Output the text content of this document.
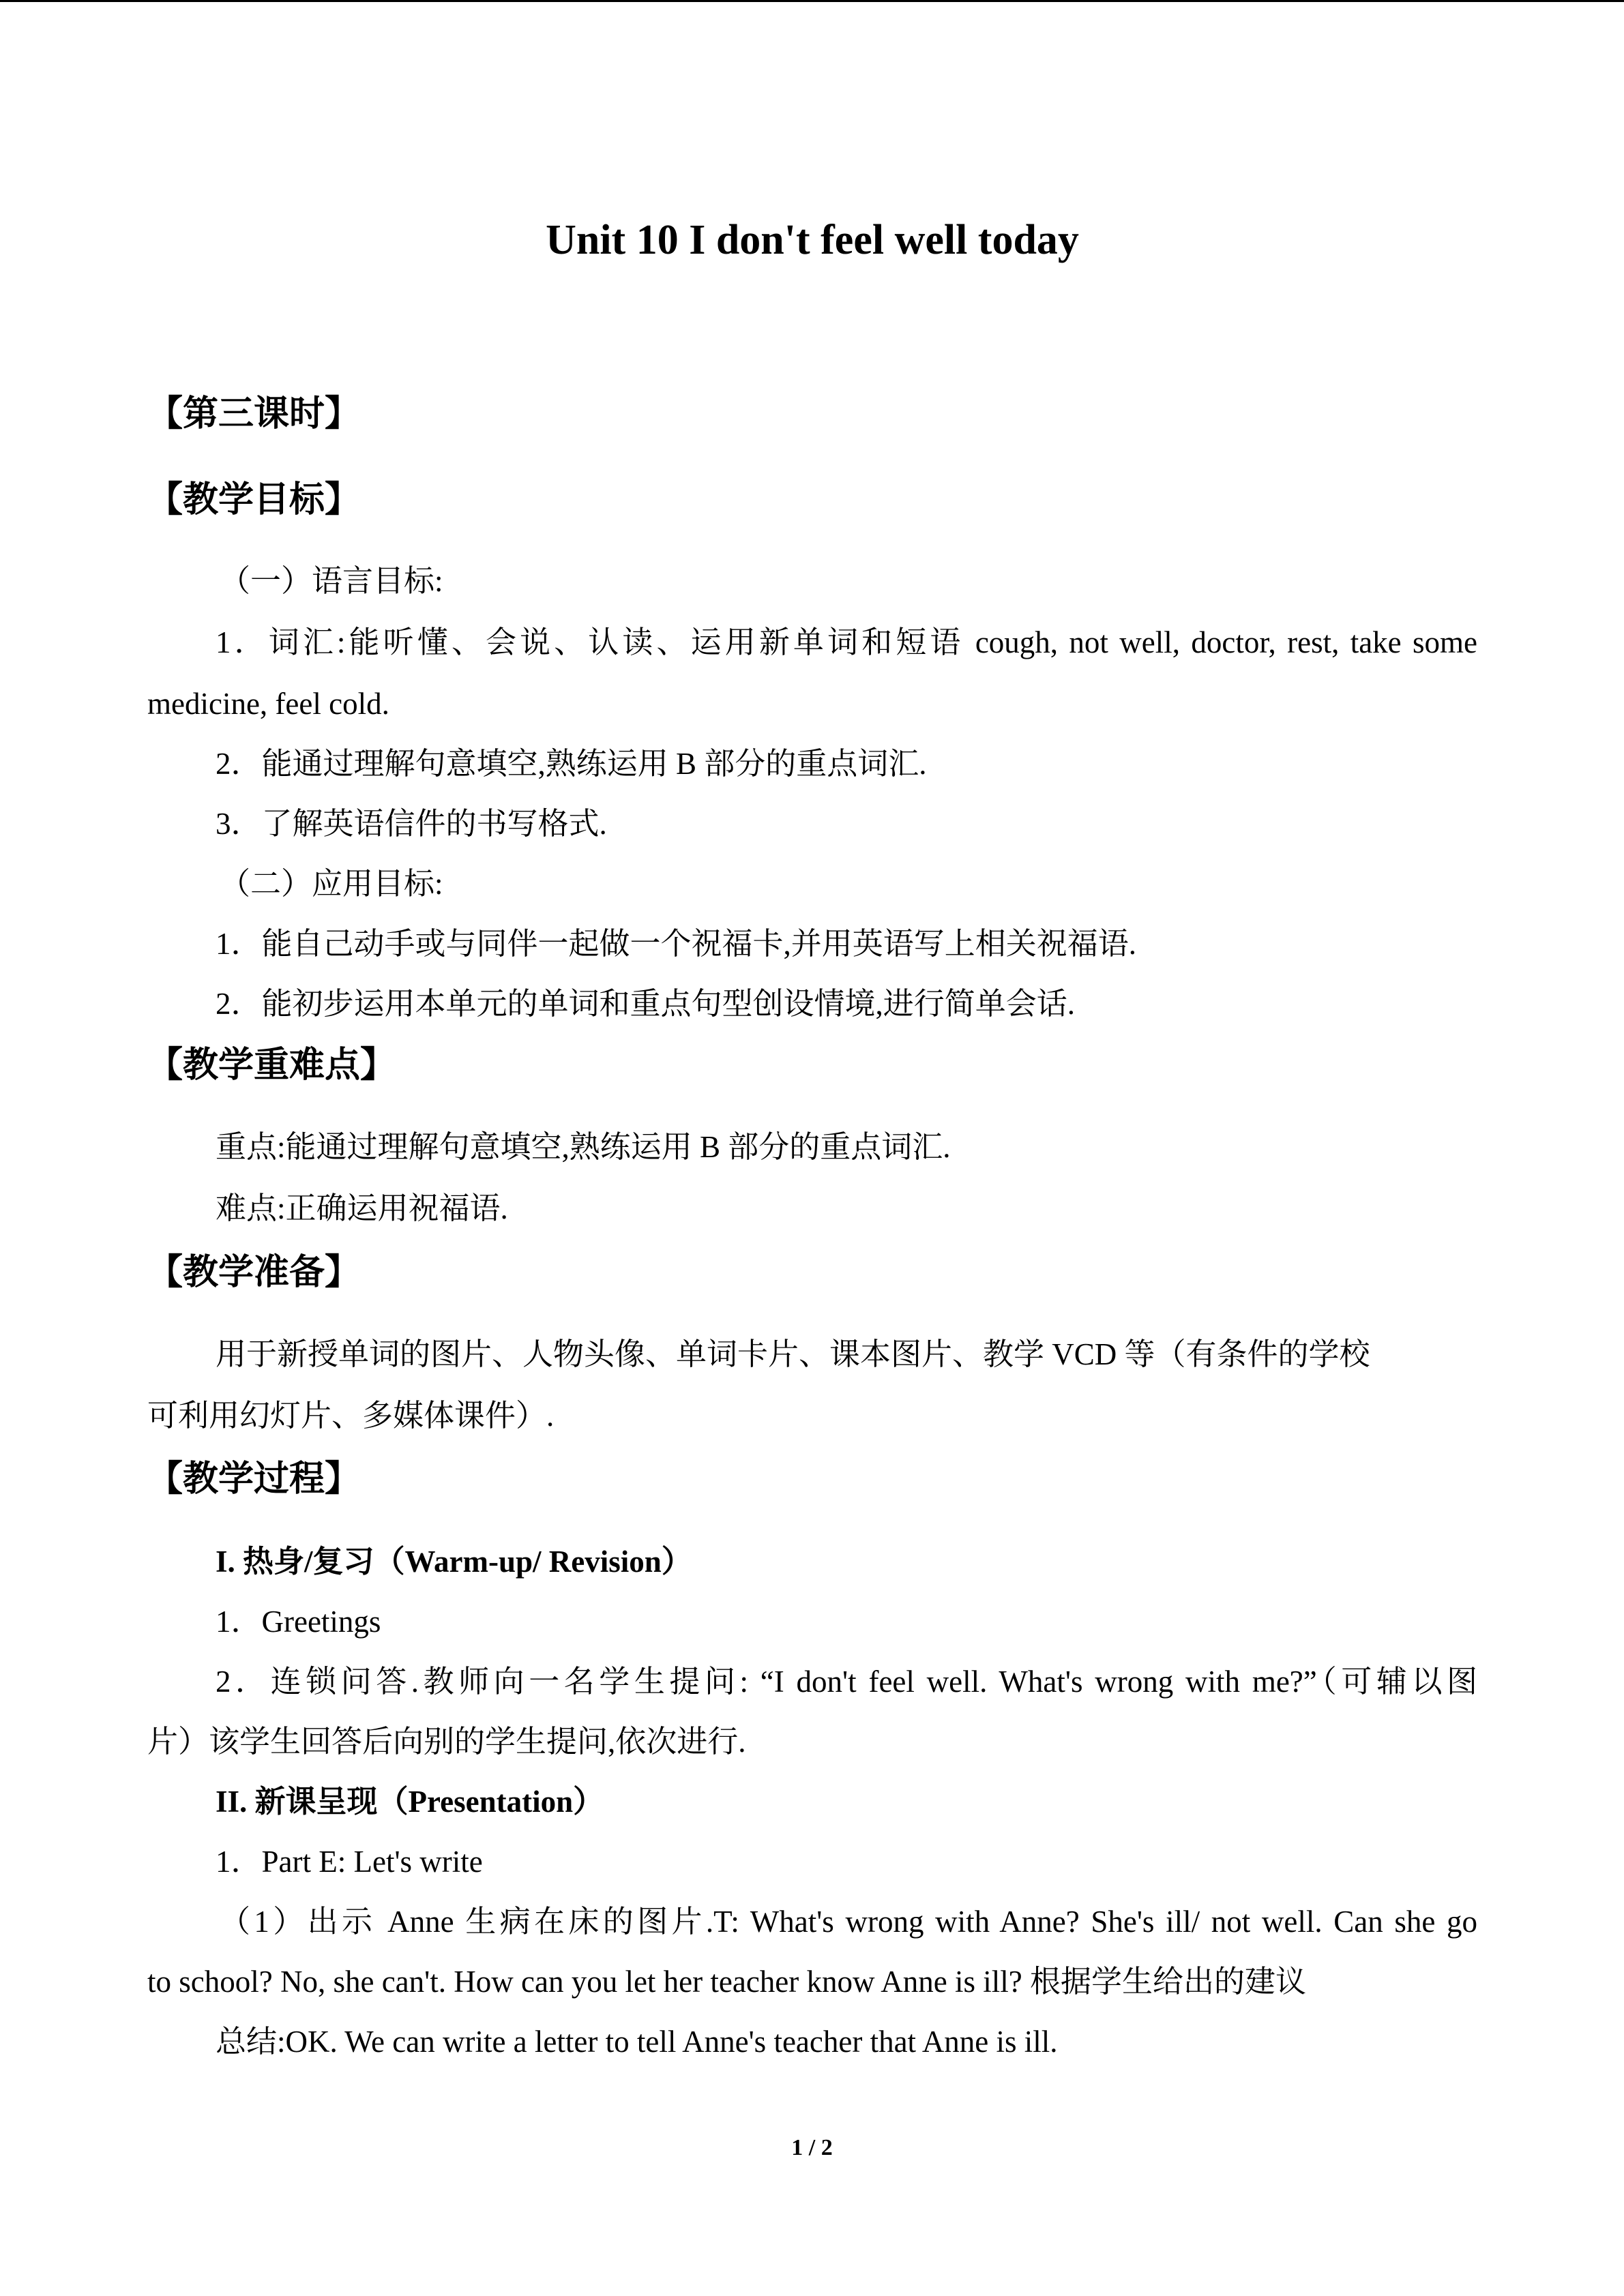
Unit 10 I don't feel well today
【第三课时】
【教学目标】
（一）语言目标:
1．词汇:能听懂、会说、认读、运用新单词和短语 cough, not well, doctor, rest, take some
medicine, feel cold.
2．能通过理解句意填空,熟练运用 B 部分的重点词汇.
3．了解英语信件的书写格式.
（二）应用目标:
1．能自己动手或与同伴一起做一个祝福卡,并用英语写上相关祝福语.
2．能初步运用本单元的单词和重点句型创设情境,进行简单会话.
【教学重难点】
重点:能通过理解句意填空,熟练运用 B 部分的重点词汇.
难点:正确运用祝福语.
【教学准备】
用于新授单词的图片、人物头像、单词卡片、课本图片、教学 VCD 等（有条件的学校
可利用幻灯片、多媒体课件）.
【教学过程】
I. 热身/复习（Warm-up/ Revision）
1．Greetings
2．连锁问答.教师向一名学生提问: “I don't feel well. What's wrong with me?”（可辅以图
片）该学生回答后向别的学生提问,依次进行.
II. 新课呈现（Presentation）
1．Part E: Let's write
（1）出示 Anne 生病在床的图片.T: What's wrong with Anne? She's ill/ not well. Can she go
to school? No, she can't. How can you let her teacher know Anne is ill? 根据学生给出的建议
总结:OK. We can write a letter to tell Anne's teacher that Anne is ill.
1 / 2
